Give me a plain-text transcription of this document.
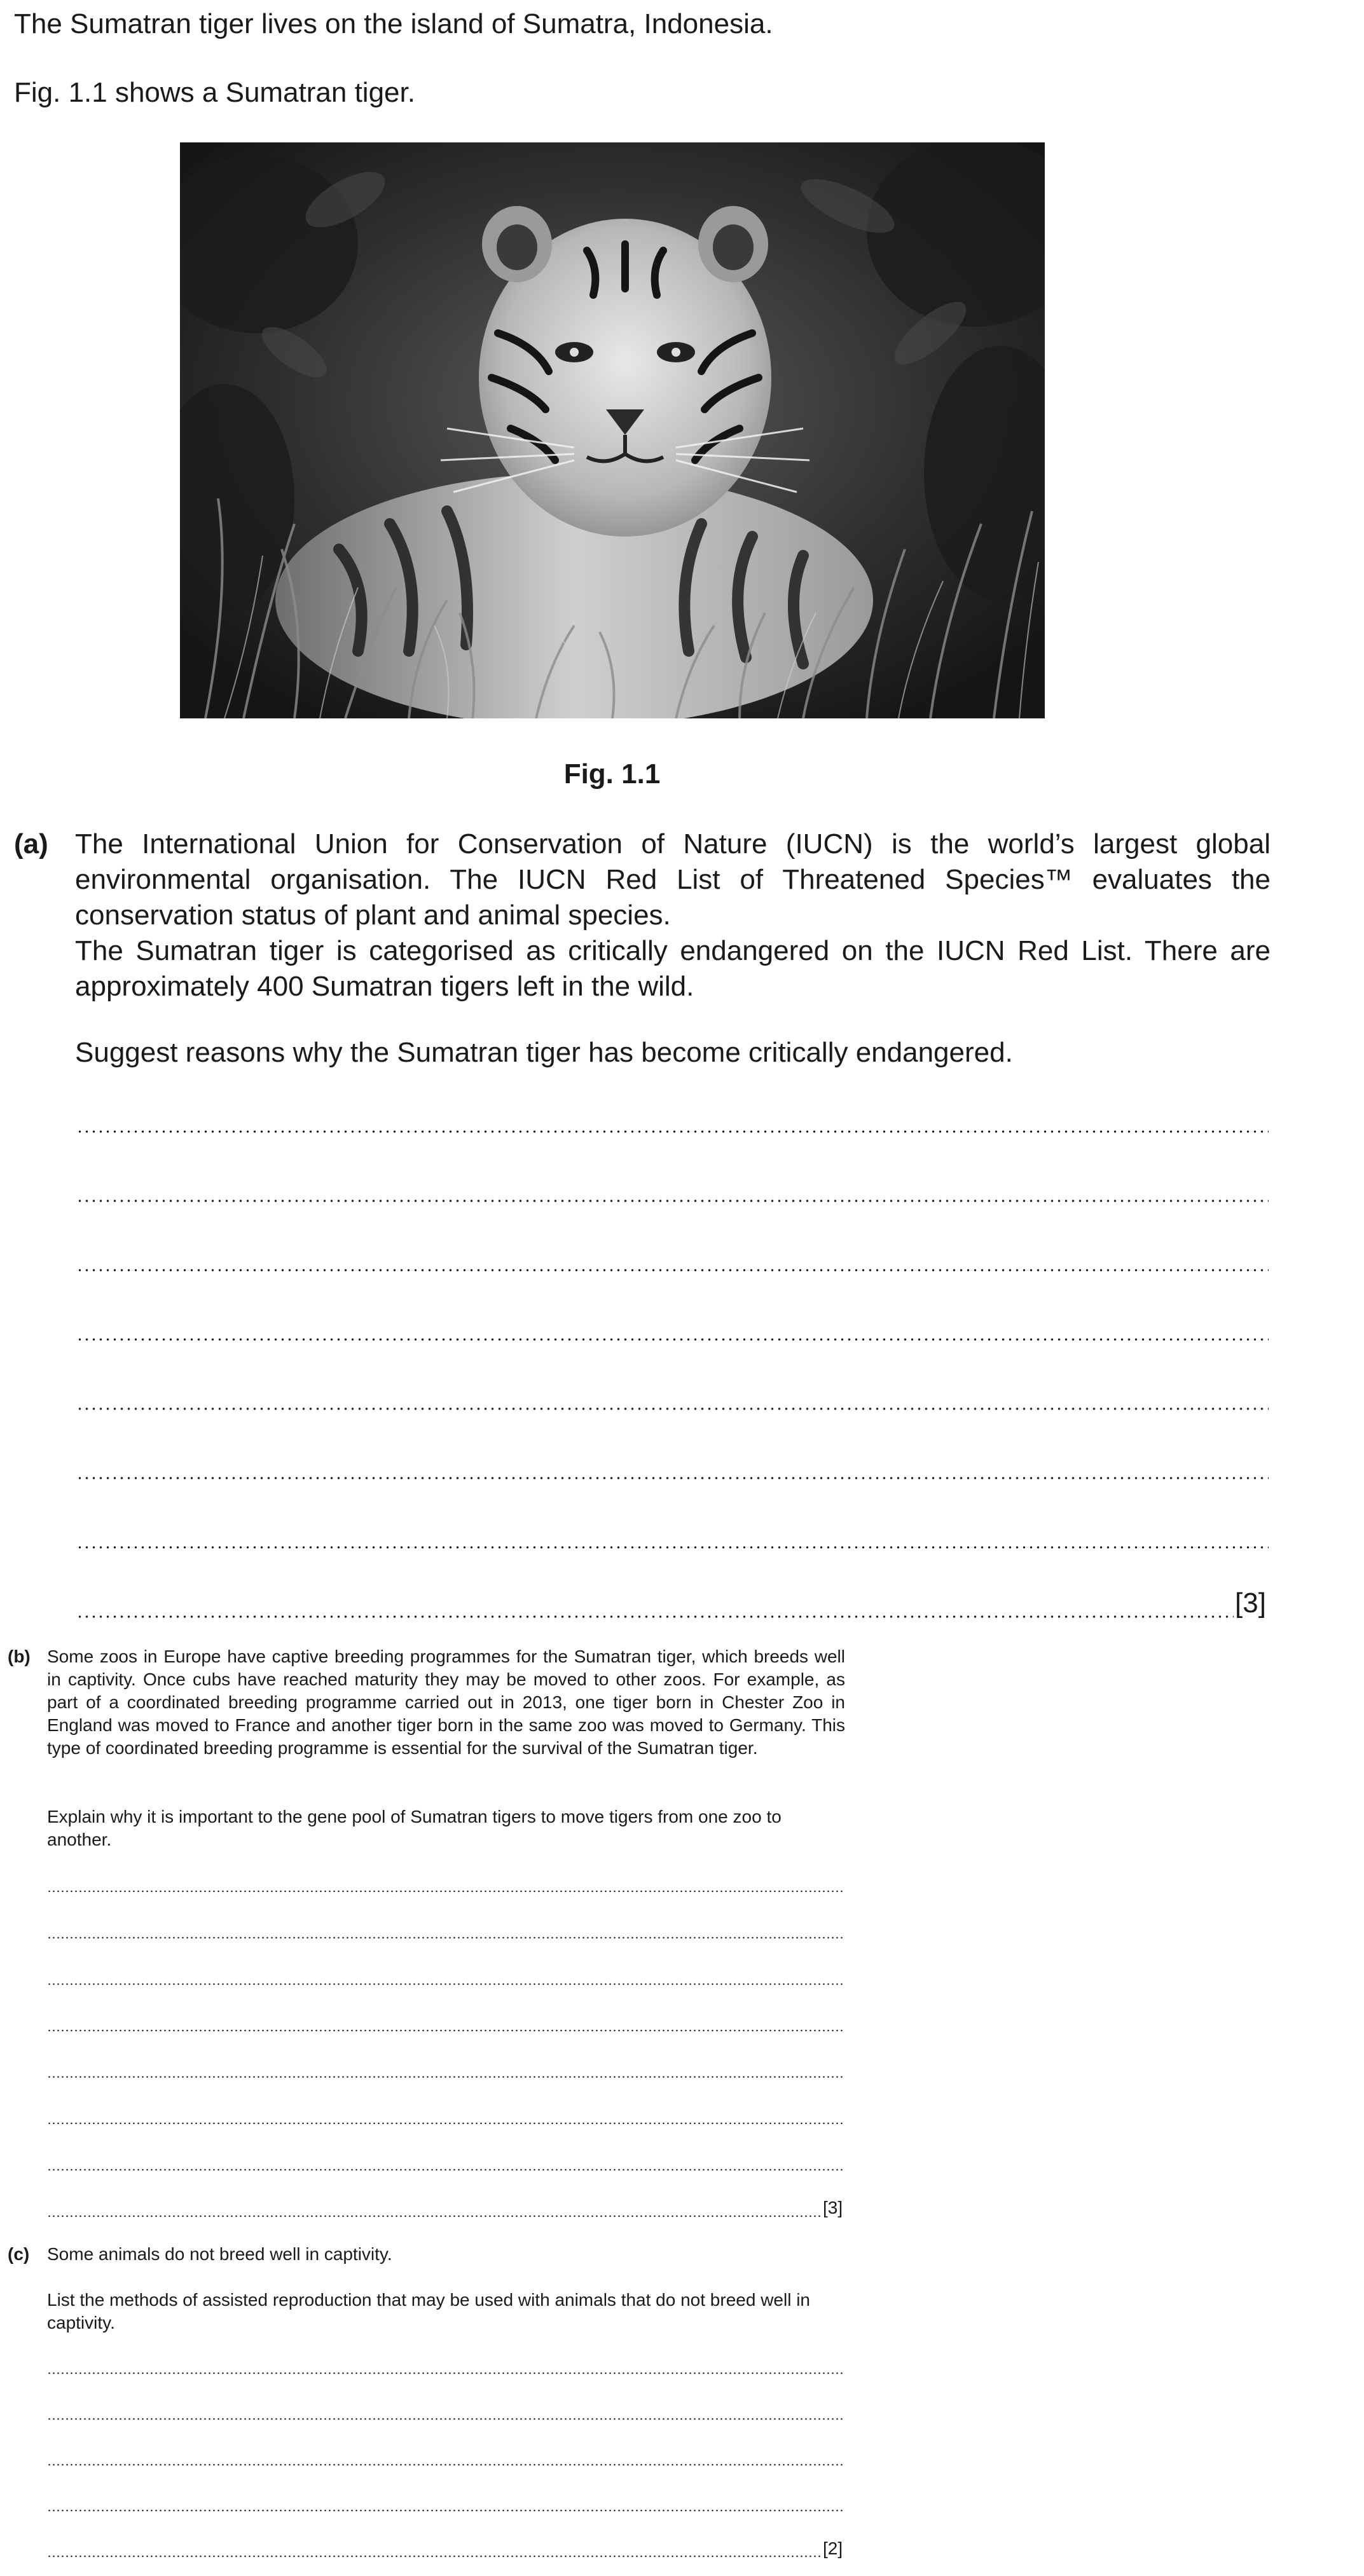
The Sumatran tiger lives on the island of Sumatra, Indonesia.
Fig. 1.1 shows a Sumatran tiger.
Fig. 1.1
(a) The International Union for Conservation of Nature (IUCN) is the world’s largest global environmental organisation. The IUCN Red List of Threatened Species™ evaluates the conservation status of plant and animal species.
The Sumatran tiger is categorised as critically endangered on the IUCN Red List. There are approximately 400 Sumatran tigers left in the wild.
Suggest reasons why the Sumatran tiger has become critically endangered.
[3]
(b) Some zoos in Europe have captive breeding programmes for the Sumatran tiger, which breeds well in captivity. Once cubs have reached maturity they may be moved to other zoos. For example, as part of a coordinated breeding programme carried out in 2013, one tiger born in Chester Zoo in England was moved to France and another tiger born in the same zoo was moved to Germany. This type of coordinated breeding programme is essential for the survival of the Sumatran tiger.
Explain why it is important to the gene pool of Sumatran tigers to move tigers from one zoo to another.
[3]
(c) Some animals do not breed well in captivity.
List the methods of assisted reproduction that may be used with animals that do not breed well in captivity.
[2]
